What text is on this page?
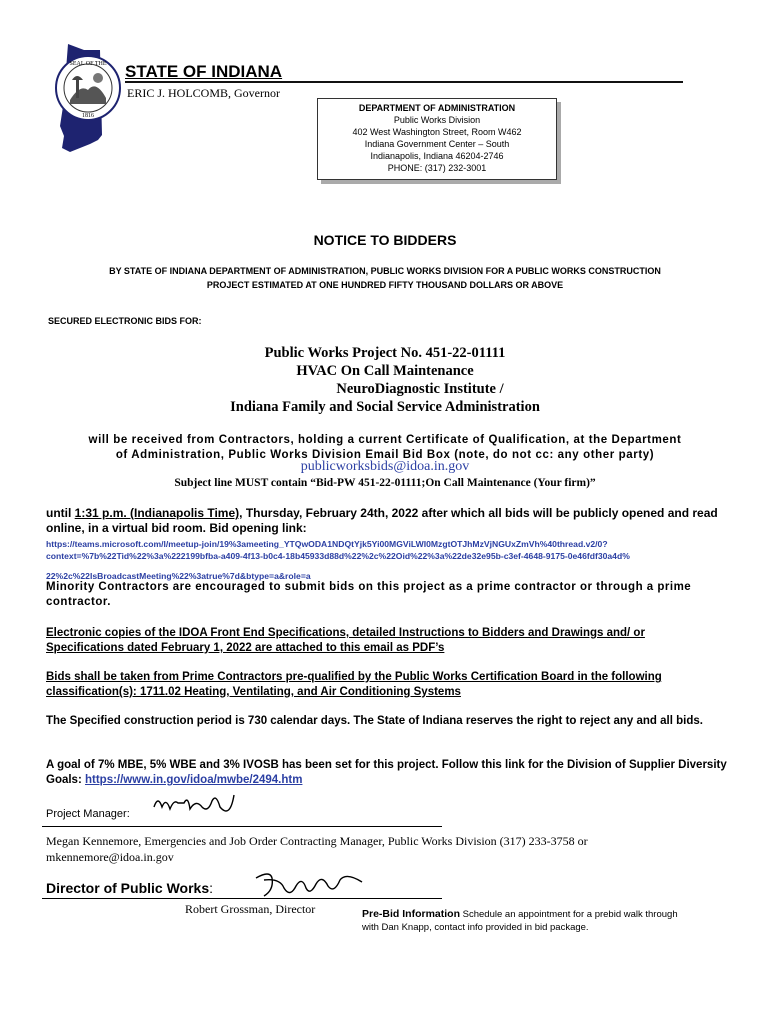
SEAL OF THE
1816
STATE OF INDIANA
ERIC J. HOLCOMB, Governor
DEPARTMENT OF ADMINISTRATION
Public Works Division
402 West Washington Street, Room W462
Indiana Government Center – South
Indianapolis, Indiana 46204-2746
PHONE: (317) 232-3001
NOTICE TO BIDDERS
BY STATE OF INDIANA DEPARTMENT OF ADMINISTRATION, PUBLIC WORKS DIVISION FOR A PUBLIC WORKS CONSTRUCTION PROJECT ESTIMATED AT ONE HUNDRED FIFTY THOUSAND DOLLARS OR ABOVE
SECURED ELECTRONIC BIDS FOR:
Public Works Project No. 451-22-01111
HVAC On Call Maintenance
NeuroDiagnostic Institute /
Indiana Family and Social Service Administration
will be received from Contractors, holding a current Certificate of Qualification, at the Department
of Administration, Public Works Division Email Bid Box (note, do not cc: any other party)
publicworksbids@idoa.in.gov
Subject line MUST contain “Bid-PW 451-22-01111;On Call Maintenance (Your firm)”
until 1:31 p.m. (Indianapolis Time), Thursday, February 24th, 2022 after which all bids will be publicly opened and read online, in a virtual bid room. Bid opening link:
https://teams.microsoft.com/l/meetup-join/19%3ameeting_YTQwODA1NDQtYjk5Yi00MGViLWI0MzgtOTJhMzVjNGUxZmVh%40thread.v2/0?
context=%7b%22Tid%22%3a%222199bfba-a409-4f13-b0c4-18b45933d88d%22%2c%22Oid%22%3a%22de32e95b-c3ef-4648-9175-0e46fdf30a4d%
22%2c%22IsBroadcastMeeting%22%3atrue%7d&btype=a&role=a
Minority Contractors are encouraged to submit bids on this project as a prime contractor or through a prime contractor.
Electronic copies of the IDOA Front End Specifications, detailed Instructions to Bidders and Drawings and/ or Specifications dated February 1, 2022 are attached to this email as PDF’s
Bids shall be taken from Prime Contractors pre-qualified by the Public Works Certification Board in the following classification(s): 1711.02 Heating, Ventilating, and Air Conditioning Systems
The Specified construction period is 730 calendar days. The State of Indiana reserves the right to reject any and all bids.
A goal of 7% MBE, 5% WBE and 3% IVOSB has been set for this project. Follow this link for the Division of Supplier Diversity Goals: https://www.in.gov/idoa/mwbe/2494.htm
Project Manager:
Megan Kennemore, Emergencies and Job Order Contracting Manager, Public Works Division (317) 233-3758 or
mkennemore@idoa.in.gov
Director of Public Works:
Robert Grossman, Director	Pre-Bid Information Schedule an appointment for a prebid walk through with Dan Knapp, contact info provided in bid package.
